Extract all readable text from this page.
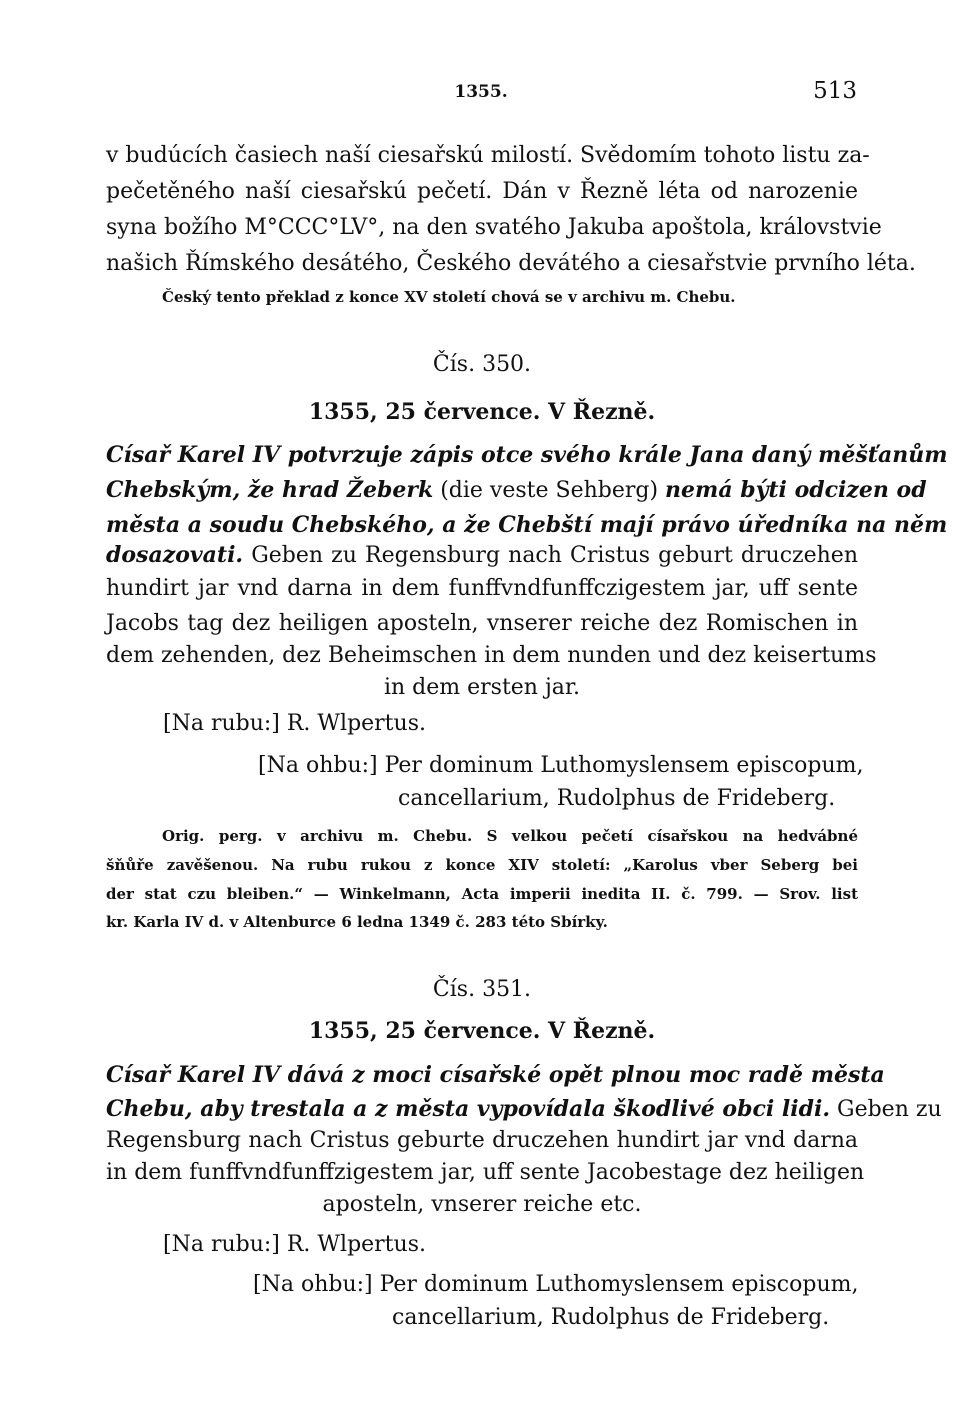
1355.	513
v budúcích časiech naší ciesařskú milostí. Svědomím tohoto listu za-
pečetěného naší ciesařskú pečetí. Dán v Řezně léta od narozenie
syna božího M°CCC°LV°, na den svatého Jakuba apoštola, královstvie
našich Římského desátého, Českého devátého a ciesařstvie prvního léta.
Český tento překlad z konce XV století chová se v archivu m. Chebu.
Čís. 350.
1355, 25 července. V Řezně.
Císař Karel IV potvrzuje zápis otce svého krále Jana daný měšťanům
Chebským, že hrad Žeberk (die veste Sehberg) nemá býti odcizen od
města a soudu Chebského, a že Chebští mají právo úředníka na něm
dosazovati. Geben zu Regensburg nach Cristus geburt druczehen
hundirt jar vnd darna in dem funffvndfunffczigestem jar, uff sente
Jacobs tag dez heiligen aposteln, vnserer reiche dez Romischen in
dem zehenden, dez Beheimschen in dem nunden und dez keisertums
in dem ersten jar.
[Na rubu:] R. Wlpertus.
[Na ohbu:] Per dominum Luthomyslensem episcopum,
cancellarium, Rudolphus de Frideberg.
Orig. perg. v archivu m. Chebu. S velkou pečetí císařskou na hedvábné
šňůře zavěšenou. Na rubu rukou z konce XIV století: „Karolus vber Seberg bei
der stat czu bleiben.“ — Winkelmann, Acta imperii inedita II. č. 799. — Srov. list
kr. Karla IV d. v Altenburce 6 ledna 1349 č. 283 této Sbírky.
Čís. 351.
1355, 25 července. V Řezně.
Císař Karel IV dává z moci císařské opět plnou moc radě města
Chebu, aby trestala a z města vypovídala škodlivé obci lidi. Geben zu
Regensburg nach Cristus geburte druczehen hundirt jar vnd darna
in dem funffvndfunffzigestem jar, uff sente Jacobestage dez heiligen
aposteln, vnserer reiche etc.
[Na rubu:] R. Wlpertus.
[Na ohbu:] Per dominum Luthomyslensem episcopum,
cancellarium, Rudolphus de Frideberg.
